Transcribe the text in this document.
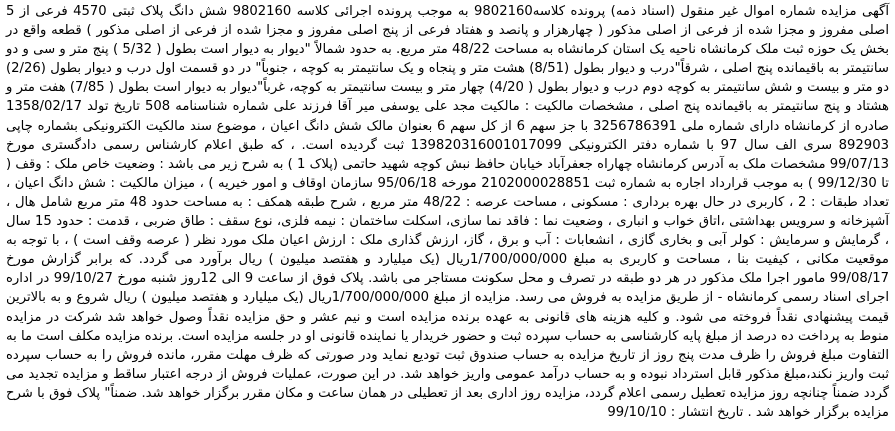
آگهی مزایده شماره اموال غیر منقول (اسناد ذمه) پرونده کلاسه9802160 به موجب پرونده اجرائی کلاسه 9802160 شش دانگ پلاک ثبتی 4570 فرعی از 5 اصلی مفروز و مجزا شده از فرعی از اصلی مذکور ( چهارهزار و پانصد و هفتاد فرعی از پنج اصلی مفروز و مجزا شده از فرعی از اصلی مذکور ) قطعه واقع در بخش یک حوزه ثبت ملک کرمانشاه ناحیه یک استان کرمانشاه به مساحت 48/22 متر مربع. به حدود شمالاً "دیوار به دیوار است بطول ( 5/32 ) پنج متر و سی و دو سانتیمتر به باقیمانده پنج اصلی ، شرقاً"درب و دیوار بطول (8/51) هشت متر و پنجاه و یک سانتیمتر به کوچه ، جنوباً" در دو قسمت اول درب و دیوار بطول (2/26) دو متر و بیست و شش سانتیمتر به کوچه دوم درب و دیوار بطول ( 4/20) چهار متر و بیست سانتیمتر به کوچه، غرباً"دیوار به دیوار است بطول ( 7/85) هفت متر و هشتاد و پنج سانتیمتر به باقیمانده پنج اصلی ، مشخصات مالکیت : مالکیت مجد علی یوسفی میر آقا فرزند علی شماره شناسنامه 508 تاریخ تولد 1358/02/17 صادره از کرمانشاه دارای شماره ملی 3256786391 با جز سهم 6 از کل سهم 6 بعنوان مالک شش دانگ اعیان ، موضوع سند مالکیت الکترونیکی بشماره چاپی 892903 سری الف سال 97 با شماره دفتر الکترونیکی 139820316001017099 ثبت گردیده است. ، که طبق اعلام کارشناس رسمی دادگستری مورخ 99/07/13 مشخصات ملک به آدرس کرمانشاه چهاراه جعفرآباد خیابان حافظ نبش کوچه شهید حاتمی (پلاک 1 ) به شرح زیر می باشد : وضعیت خاص ملک : وقف ( تا 99/12/30 ) به موجب قرارداد اجاره به شماره ثبت 2102000028851 مورخه 95/06/18 سازمان اوقاف و امور خیریه ) ، میزان مالکیت : شش دانگ اعیان ، تعداد طبقات : 2 ، کاربری در حال بهره برداری : مسکونی ، مساحت عرصه : 48/22 متر مربع ، شرح طبقه همکف : به مساحت حدود 48 متر مربع شامل هال ، آشپزخانه و سرویس بهداشتی ،اتاق خواب و انباری ، وضعیت نما : فاقد نما سازی، اسکلت ساختمان : نیمه فلزی، نوع سقف : طاق ضربی ، قدمت : حدود 15 سال ، گرمایش و سرمایش : کولر آبی و بخاری گازی ، انشعابات : آب و برق ، گاز، ارزش گذاری ملک : ارزش اعیان ملک مورد نظر ( عرصه وقف است ) ، با توجه به موقعیت مکانی ، کیفیت بنا ، مساحت و کاربری به مبلغ 1/700/000/000ریال (یک میلیارد و هفتصد میلیون ) ریال برآورد می گردد. که برابر گزارش مورخ 99/08/17 مامور اجرا ملک مذکور در هر دو طبقه در تصرف و محل سکونت مستاجر می باشد. پلاک فوق از ساعت 9 الی 12روز شنبه مورخ 99/10/27 در اداره اجرای اسناد رسمی کرمانشاه - از طریق مزایده به فروش می رسد. مزایده از مبلغ 1/700/000/000ریال (یک میلیارد و هفتصد میلیون ) ریال شروع و به بالاترین قیمت پیشنهادی نقداً فروخته می شود. و کلیه هزینه های قانونی به عهده برنده مزایده است و نیم عشر و حق مزایده نقداً وصول خواهد شد شرکت در مزایده منوط به پرداخت ده درصد از مبلغ پایه کارشناسی به حساب سپرده ثبت و حضور خریدار یا نماینده قانونی او در جلسه مزایده است. برنده مزایده مکلف است ما به التفاوت مبلغ فروش را ظرف مدت پنج روز از تاریخ مزایده به حساب صندوق ثبت تودیع نماید ودر صورتی که ظرف مهلت مقرر، مانده فروش را به حساب سپرده ثبت واریز نکند،مبلغ مذکور قابل استرداد نبوده و به حساب درآمد عمومی واریز خواهد شد. در این صورت، عملیات فروش از درجه اعتبار ساقط و مزایده تجدید می گردد ضمناً چنانچه روز مزایده تعطیل رسمی اعلام گردد، مزایده روز اداری بعد از تعطیلی در همان ساعت و مکان مقرر برگزار خواهد شد. ضمناً" پلاک فوق با شرح مزایده برگزار خواهد شد . تاریخ انتشار : 99/10/10
